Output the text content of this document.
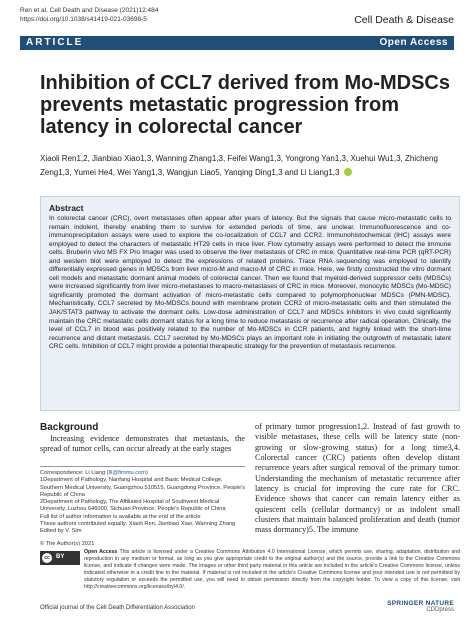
Ren et al. Cell Death and Disease (2021)12:484
https://doi.org/10.1038/s41419-021-03698-5	Cell Death & Disease
ARTICLE	Open Access
Inhibition of CCL7 derived from Mo-MDSCs prevents metastatic progression from latency in colorectal cancer
Xiaoli Ren1,2, Jianbiao Xiao1,3, Wanning Zhang1,3, Feifei Wang1,3, Yongrong Yan1,3, Xuehui Wu1,3, Zhicheng Zeng1,3, Yumei He4, Wei Yang1,3, Wangjun Liao5, Yanqing Ding1,3 and Li Liang1,3
Abstract
In colorectal cancer (CRC), overt metastases often appear after years of latency. But the signals that cause micro-metastatic cells to remain indolent, thereby enabling them to survive for extended periods of time, are unclear. Immunofluorescence and co-immunoprecipitation assays were used to explore the co-localization of CCL7 and CCR2. Immunohistochemical (IHC) assays were employed to detect the characters of metastatic HT29 cells in mice liver. Flow cytometry assays were performed to detect the immune cells. Bruberin vivo MS FX Pro Imager was used to observe the liver metastasis of CRC in mice. Quantitative real-time PCR (qRT-PCR) and western blot were employed to detect the expressions of related proteins. Trace RNA sequencing was employed to identify differentially expressed genes in MDSCs from liver micro-M and macro-M of CRC in mice. Here, we firstly constructed the vitro dormant cell models and metastatic dormant animal models of colorectal cancer. Then we found that myeloid-derived suppressor cells (MDSCs) were increased significantly from liver micro-metastases to macro-metastases of CRC in mice. Moreover, monocytic MDSCs (Mo-MDSC) significantly promoted the dormant activation of micro-metastatic cells compared to polymorphonuclear MDSCs (PMN-MDSC). Mechanistically, CCL7 secreted by Mo-MDSCs bound with membrane protein CCR2 of micro-metastatic cells and then stimulated the JAK/STAT3 pathway to activate the dormant cells. Low-dose administration of CCL7 and MDSCs inhibitors in vivo could significantly maintain the CRC metastatic cells dormant status for a long time to reduce metastasis or recurrence after radical operation. Clinically, the level of CCL7 in blood was positively related to the number of Mo-MDSCs in CCR patients, and highly linked with the short-time recurrence and distant metastasis. CCL7 secreted by Mo-MDSCs plays an important role in initiating the outgrowth of metastatic latent CRC cells. Inhibition of CCL7 might provide a potential therapeutic strategy for the prevention of metastasis recurrence.
Background
Increasing evidence demonstrates that metastasis, the spread of tumor cells, can occur already at the early stages
Correspondence: Li Liang (lli@fimmu.com)
1Department of Pathology, Nanfang Hospital and Basic Medical College, Southern Medical University, Guangzhou 510515, Guangdong Province, People's Republic of China
2Department of Pathology, The Affiliated Hospital of Southwest Medical University, Luzhou 646000, Sichuan Province, People's Republic of China
Full list of author information is available at the end of the article
These authors contributed equally: Xiaoli Ren, Jianbiao Xiao, Wanning Zhang
Edited by V. Sim
of primary tumor progression1,2. Instead of fast growth to visible metastases, these cells will be latency state (non-growing or slow-growing status) for a long time3,4. Colorectal cancer (CRC) patients often develop distant recurrence years after surgical removal of the primary tumor. Understanding the mechanism of metastatic recurrence after latency is crucial for improving the cure rate for CRC. Evidence shows that cancer can remain latency either as quiescent cells (cellular dormancy) or as indolent small clusters that maintain balanced proliferation and death (tumor mass dormancy)5. The immune
© The Author(s) 2021
cc	BY
Open Access This article is licensed under a Creative Commons Attribution 4.0 International License, which permits use, sharing, adaptation, distribution and reproduction in any medium or format, as long as you give appropriate credit to the original author(s) and the source, provide a link to the Creative Commons license, and indicate if changes were made. The images or other third party material in this article are included in the article's Creative Commons license, unless indicated otherwise in a credit line to the material. If material is not included in the article's Creative Commons license and your intended use is not permitted by statutory regulation or exceeds the permitted use, you will need to obtain permission directly from the copyright holder. To view a copy of this license, visit http://creativecommons.org/licenses/by/4.0/.
Official journal of the Cell Death Differentiation Association
SPRINGER NATURE
CDDpress
